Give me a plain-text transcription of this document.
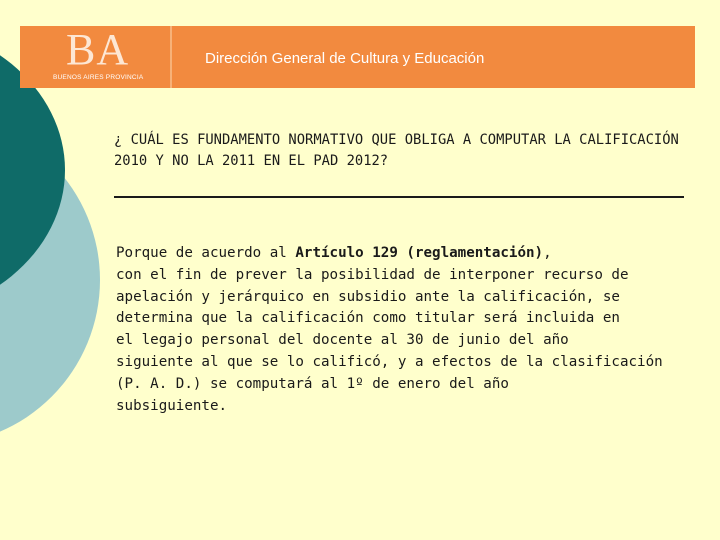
BA
BUENOS AIRES PROVINCIA
Dirección General de Cultura y Educación

¿ CUÁL ES FUNDAMENTO NORMATIVO QUE OBLIGA A COMPUTAR LA CALIFICACIÓN 2010 Y NO LA 2011 EN EL PAD 2012?

Porque de acuerdo al Artículo 129 (reglamentación),
con el fin de prever la posibilidad de interponer recurso de
apelación y jerárquico en subsidio ante la calificación, se
determina que la calificación como titular será incluida en
el legajo personal del docente al 30 de junio del año
siguiente al que se lo calificó, y a efectos de la clasificación
(P. A. D.) se computará al 1º de enero del año
subsiguiente.
